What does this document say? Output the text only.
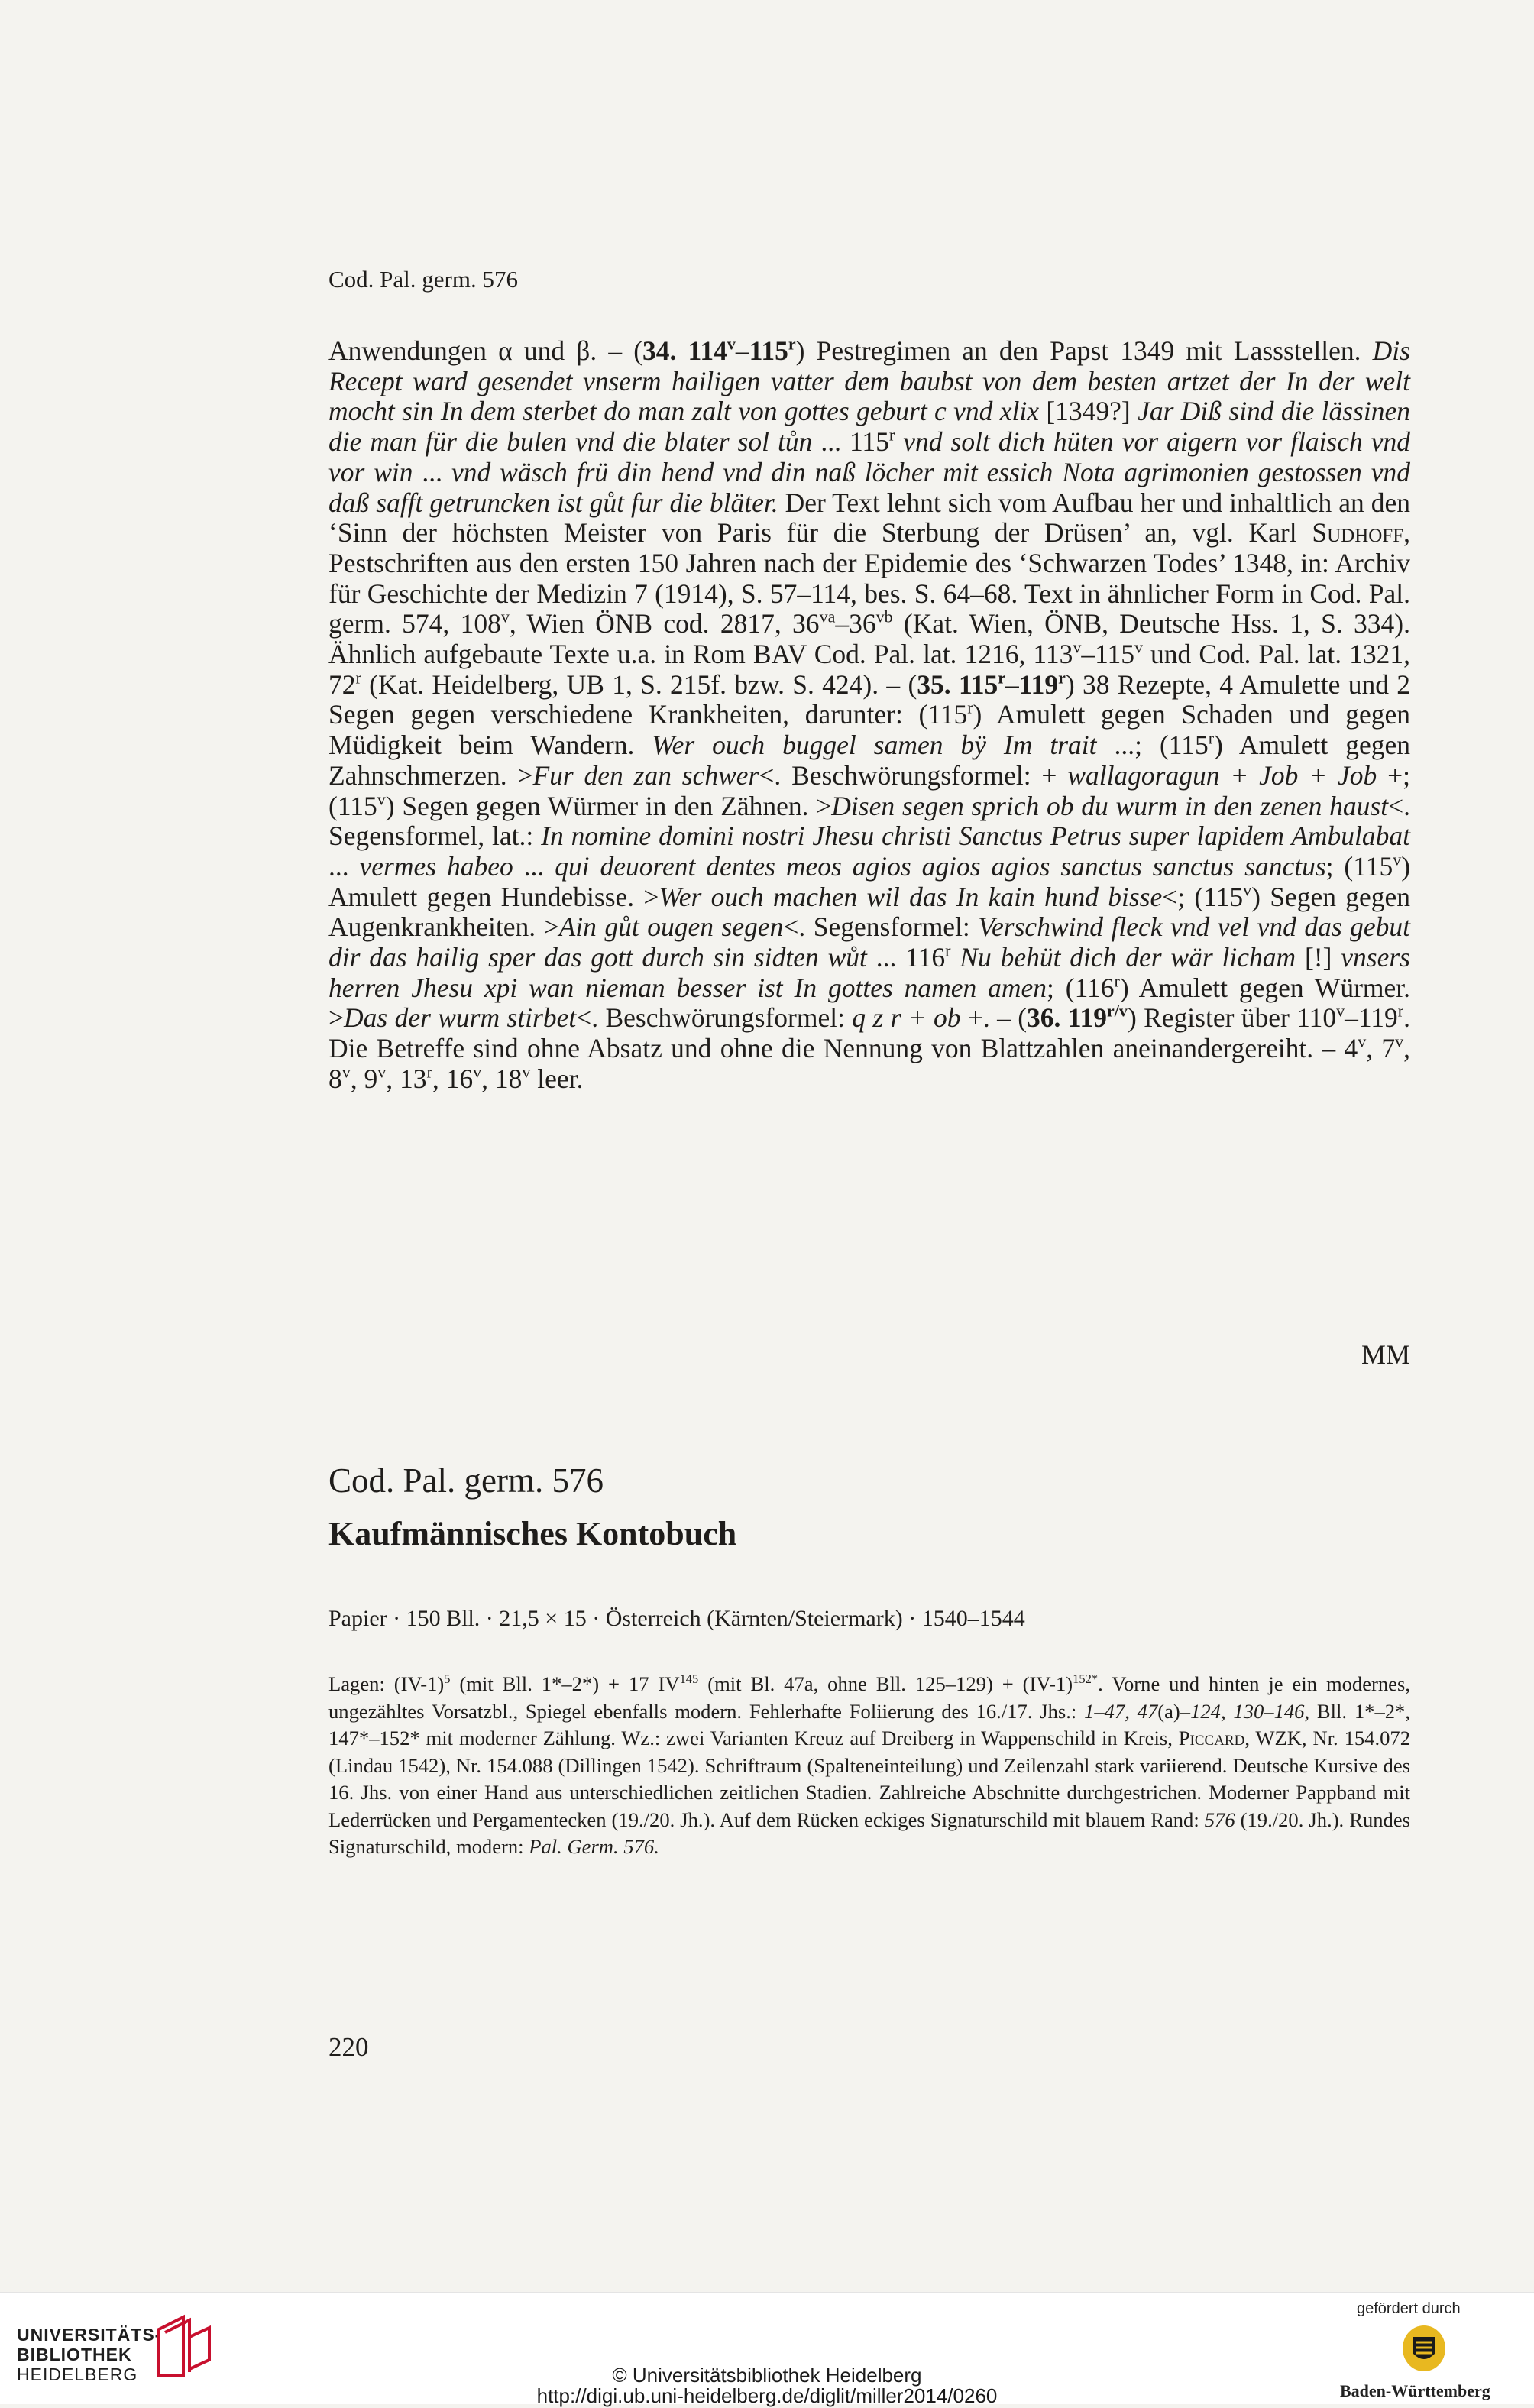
Cod. Pal. germ. 576

Anwendungen α und β. – (34. 114$^v$–115$^r$) Pestregimen an den Papst 1349 mit Lassstellen. Dis Recept ward gesendet vnserm hailigen vatter dem baubst von dem besten artzet der In der welt mocht sin In dem sterbet do man zalt von gottes geburt c vnd xlix [1349?] Jar Diß sind die lässinen die man für die bulen vnd die blater sol tůn ... 115$^r$ vnd solt dich hüten vor aigern vor flaisch vnd vor win ... vnd wäsch frü din hend vnd din naß löcher mit essich Nota agrimonien gestossen vnd daß safft getruncken ist gůt fur die bläter. Der Text lehnt sich vom Aufbau her und inhaltlich an den ‘Sinn der höchsten Meister von Paris für die Sterbung der Drüsen’ an, vgl. Karl Sudhoff, Pestschriften aus den ersten 150 Jahren nach der Epidemie des ‘Schwarzen Todes’ 1348, in: Archiv für Geschichte der Medizin 7 (1914), S. 57–114, bes. S. 64–68. Text in ähnlicher Form in Cod. Pal. germ. 574, 108$^v$, Wien ÖNB cod. 2817, $36^{va}-36^{vb}$ (Kat. Wien, ÖNB, Deutsche Hss. 1, S. 334). Ähnlich aufgebaute Texte u.a. in Rom BAV Cod. Pal. lat. 1216, 113$^v$–115$^v$ und Cod. Pal. lat. 1321, 72$^r$ (Kat. Heidelberg, UB 1, S. 215f. bzw. S. 424). – (35. 115$^r$–119$^r$) 38 Rezepte, 4 Amulette und 2 Segen gegen verschiedene Krankheiten, darunter: (115$^r$) Amulett gegen Schaden und gegen Müdigkeit beim Wandern. Wer ouch buggel samen bÿ Im trait ...; (115$^r$) Amulett gegen Zahnschmerzen. >Fur den zan schwer<. Beschwörungsformel: + wallagoragun + Job + Job +; (115$^v$) Segen gegen Würmer in den Zähnen. >Disen segen sprich ob du wurm in den zenen haust<. Segensformel, lat.: In nomine domini nostri Jhesu christi Sanctus Petrus super lapidem Ambulabat ... vermes habeo ... qui deuorent dentes meos agios agios agios sanctus sanctus sanctus; (115$^v$) Amulett gegen Hundebisse. >Wer ouch machen wil das In kain hund bisse<; (115$^v$) Segen gegen Augenkrankheiten. >Ain gůt ougen segen<. Segensformel: Verschwind fleck vnd vel vnd das gebut dir das hailig sper das gott durch sin sidten wůt ... 116$^r$ Nu behüt dich der wär licham [!] vnsers herren Jhesu xpi wan nieman besser ist In gottes namen amen; (116$^r$) Amulett gegen Würmer. >Das der wurm stirbet<. Beschwörungsformel: q z r + ob +. – (36. $119^{r/v}$) Register über 110$^v$–119$^r$. Die Betreffe sind ohne Absatz und ohne die Nennung von Blattzahlen aneinandergereiht. – 4$^v$, 7$^v$, 8$^v$, 9$^v$, 13$^r$, 16$^v$, 18$^v$ leer.

MM
Cod. Pal. germ. 576
Kaufmännisches Kontobuch
Papier · 150 Bll. · 21,5 × 15 · Österreich (Kärnten/Steiermark) · 1540–1544
Lagen: $(IV-1)^5$ (mit Bll. 1*–2*) + 17 IV$^{145}$ (mit Bl. 47a, ohne Bll. $125-129) + (IV-1)^{152*}$. Vorne und hinten je ein modernes, ungezähltes Vorsatzbl., Spiegel ebenfalls modern. Fehlerhafte Foliierung des 16./17. Jhs.: 1–47, 47(a)–124, 130–146, Bll. 1*–2*, 147*–152* mit moderner Zählung. Wz.: zwei Varianten Kreuz auf Dreiberg in Wappenschild in Kreis, Piccard, WZK, Nr. 154.072 (Lindau 1542), Nr. 154.088 (Dillingen 1542). Schriftraum (Spalteneinteilung) und Zeilenzahl stark variierend. Deutsche Kursive des 16. Jhs. von einer Hand aus unterschiedlichen zeitlichen Stadien. Zahlreiche Abschnitte durchgestrichen. Moderner Pappband mit Lederrücken und Pergamentecken (19./20. Jh.). Auf dem Rücken eckiges Signaturschild mit blauem Rand: 576 (19./20. Jh.). Rundes Signaturschild, modern: Pal. Germ. 576.
220
UNIVERSITÄTS-
BIBLIOTHEK
HEIDELBERG	© Universitätsbibliothek Heidelberg
http://digi.ub.uni-heidelberg.de/diglit/miller2014/0260
gefördert durch
Baden-Württemberg
